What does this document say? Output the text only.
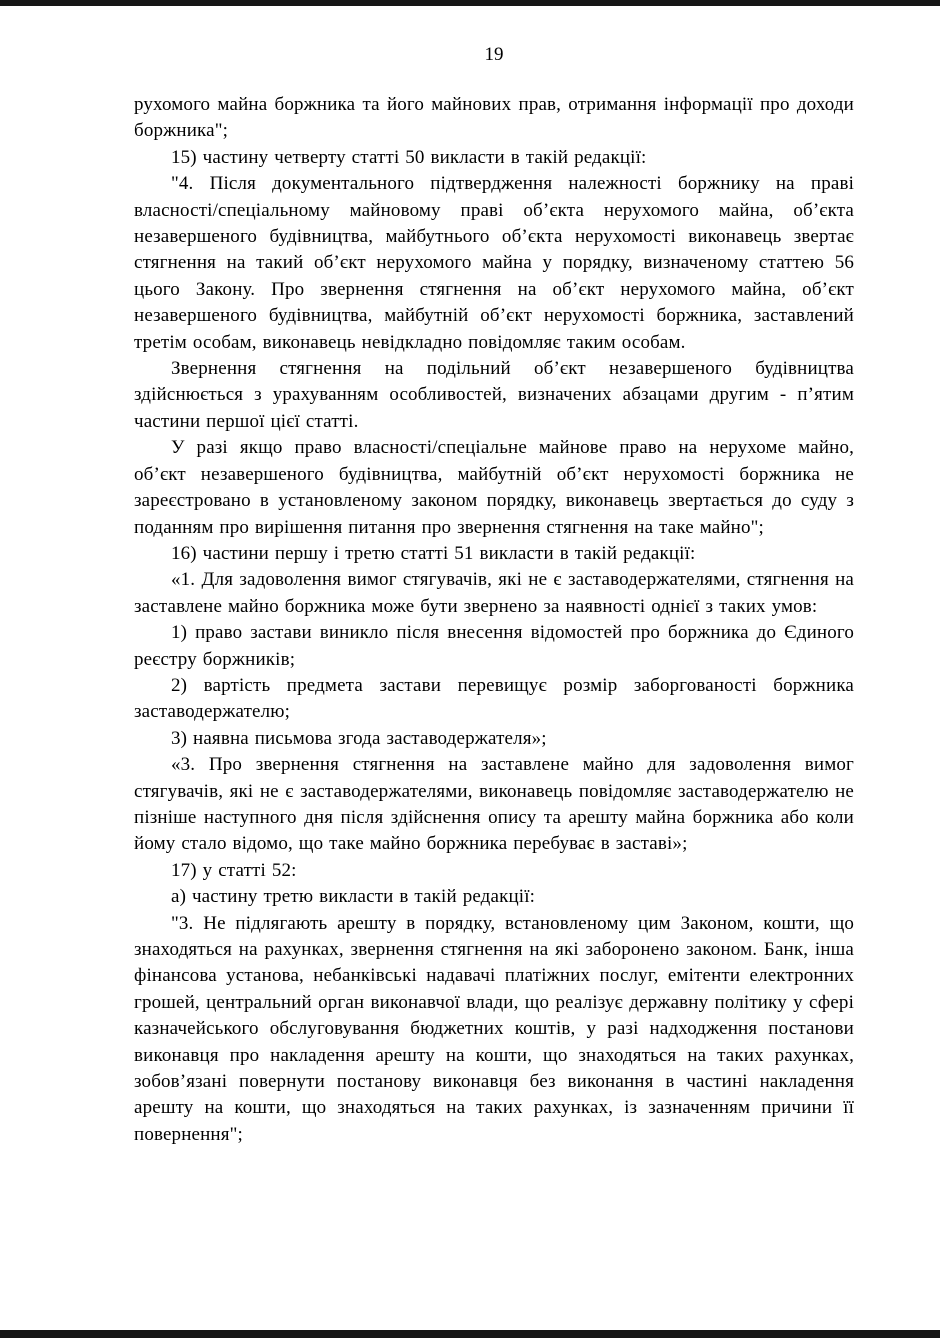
19

рухомого майна боржника та його майнових прав, отримання інформації про доходи боржника";

15) частину четверту статті 50 викласти в такій редакції:

"4. Після документального підтвердження належності боржнику на праві власності/спеціальному майновому праві об’єкта нерухомого майна, об’єкта незавершеного будівництва, майбутнього об’єкта нерухомості виконавець звертає стягнення на такий об’єкт нерухомого майна у порядку, визначеному статтею 56 цього Закону. Про звернення стягнення на об’єкт нерухомого майна, об’єкт незавершеного будівництва, майбутній об’єкт нерухомості боржника, заставлений третім особам, виконавець невідкладно повідомляє таким особам.

Звернення стягнення на подільний об’єкт незавершеного будівництва здійснюється з урахуванням особливостей, визначених абзацами другим - п’ятим частини першої цієї статті.

У разі якщо право власності/спеціальне майнове право на нерухоме майно, об’єкт незавершеного будівництва, майбутній об’єкт нерухомості боржника не зареєстровано в установленому законом порядку, виконавець звертається до суду з поданням про вирішення питання про звернення стягнення на таке майно";

16) частини першу і третю статті 51 викласти в такій редакції:

«1. Для задоволення вимог стягувачів, які не є заставодержателями, стягнення на заставлене майно боржника може бути звернено за наявності однієї з таких умов:

1) право застави виникло після внесення відомостей про боржника до Єдиного реєстру боржників;

2) вартість предмета застави перевищує розмір заборгованості боржника заставодержателю;

3) наявна письмова згода заставодержателя»;

«3. Про звернення стягнення на заставлене майно для задоволення вимог стягувачів, які не є заставодержателями, виконавець повідомляє заставодержателю не пізніше наступного дня після здійснення опису та арешту майна боржника або коли йому стало відомо, що таке майно боржника перебуває в заставі»;

17) у статті 52:

а) частину третю викласти в такій редакції:

"3. Не підлягають арешту в порядку, встановленому цим Законом, кошти, що знаходяться на рахунках, звернення стягнення на які заборонено законом. Банк, інша фінансова установа, небанківські надавачі платіжних послуг, емітенти електронних грошей, центральний орган виконавчої влади, що реалізує державну політику у сфері казначейського обслуговування бюджетних коштів, у разі надходження постанови виконавця про накладення арешту на кошти, що знаходяться на таких рахунках, зобов’язані повернути постанову виконавця без виконання в частині накладення арешту на кошти, що знаходяться на таких рахунках, із зазначенням причини її повернення";
